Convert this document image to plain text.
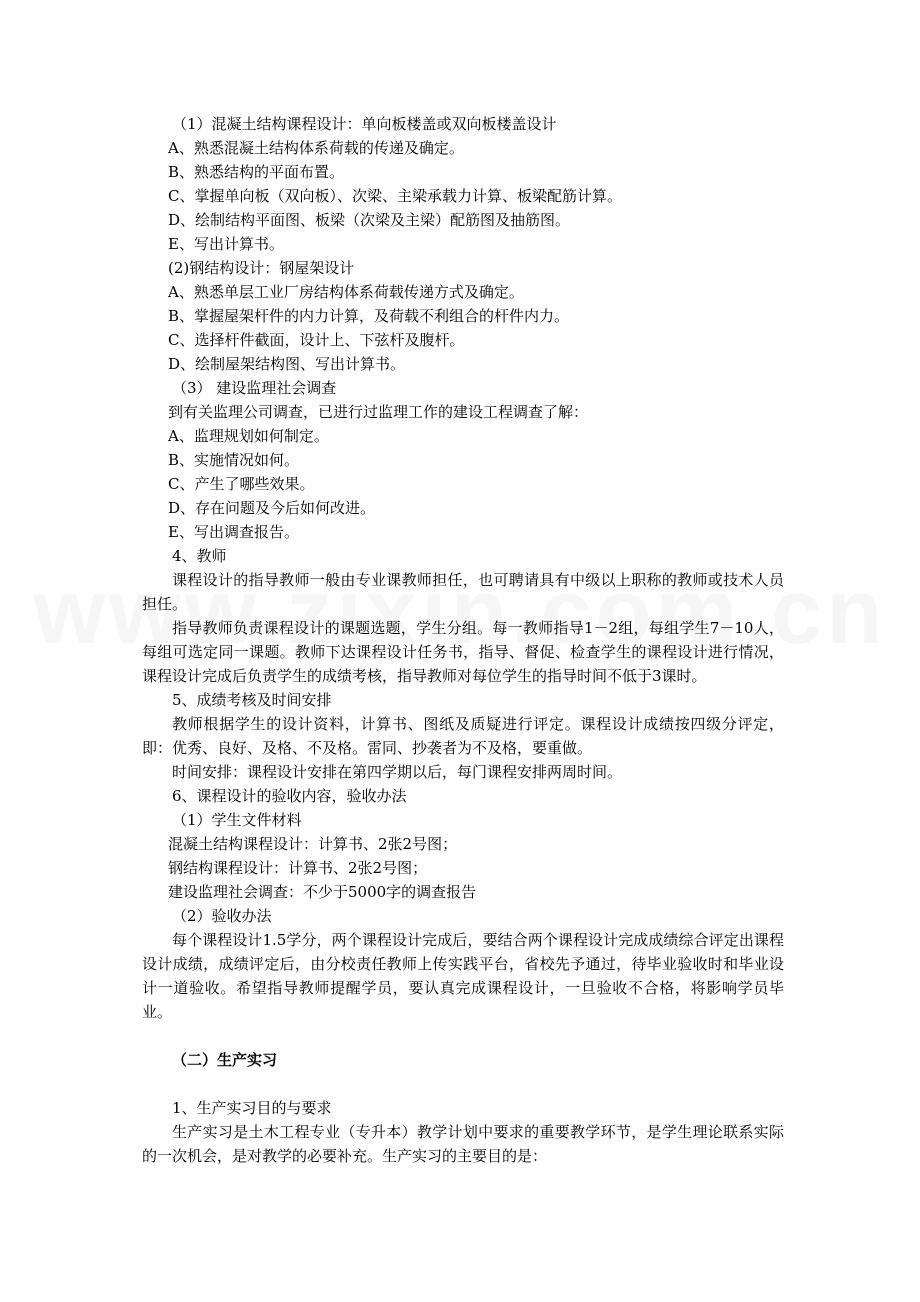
（1）混凝土结构课程设计：单向板楼盖或双向板楼盖设计
A、熟悉混凝土结构体系荷载的传递及确定。
B、熟悉结构的平面布置。
C、掌握单向板（双向板）、次梁、主梁承载力计算、板梁配筋计算。
D、绘制结构平面图、板梁（次梁及主梁）配筋图及抽筋图。
E、写出计算书。
(2)钢结构设计：钢屋架设计
A、熟悉单层工业厂房结构体系荷载传递方式及确定。
B、掌握屋架杆件的内力计算，及荷载不利组合的杆件内力。
C、选择杆件截面，设计上、下弦杆及腹杆。
D、绘制屋架结构图、写出计算书。
（3） 建设监理社会调查
到有关监理公司调查，已进行过监理工作的建设工程调查了解：
A、监理规划如何制定。
B、实施情况如何。
C、产生了哪些效果。
D、存在问题及今后如何改进。
E、写出调查报告。
4、教师
课程设计的指导教师一般由专业课教师担任，也可聘请具有中级以上职称的教师或技术人员担任。
指导教师负责课程设计的课题选题，学生分组。每一教师指导1－2组，每组学生7－10人，每组可选定同一课题。教师下达课程设计任务书，指导、督促、检查学生的课程设计进行情况，课程设计完成后负责学生的成绩考核，指导教师对每位学生的指导时间不低于3课时。
5、成绩考核及时间安排
教师根据学生的设计资料，计算书、图纸及质疑进行评定。课程设计成绩按四级分评定，即：优秀、良好、及格、不及格。雷同、抄袭者为不及格，要重做。
时间安排：课程设计安排在第四学期以后，每门课程安排两周时间。
6、课程设计的验收内容，验收办法
（1）学生文件材料
混凝土结构课程设计：计算书、2张2号图；
钢结构课程设计：计算书、2张2号图；
建设监理社会调查：不少于5000字的调查报告
（2）验收办法
每个课程设计1.5学分，两个课程设计完成后，要结合两个课程设计完成成绩综合评定出课程设计成绩，成绩评定后，由分校责任教师上传实践平台，省校先予通过，待毕业验收时和毕业设计一道验收。希望指导教师提醒学员，要认真完成课程设计，一旦验收不合格，将影响学员毕业。
（二）生产实习
1、生产实习目的与要求
生产实习是土木工程专业（专升本）教学计划中要求的重要教学环节，是学生理论联系实际的一次机会，是对教学的必要补充。生产实习的主要目的是：
